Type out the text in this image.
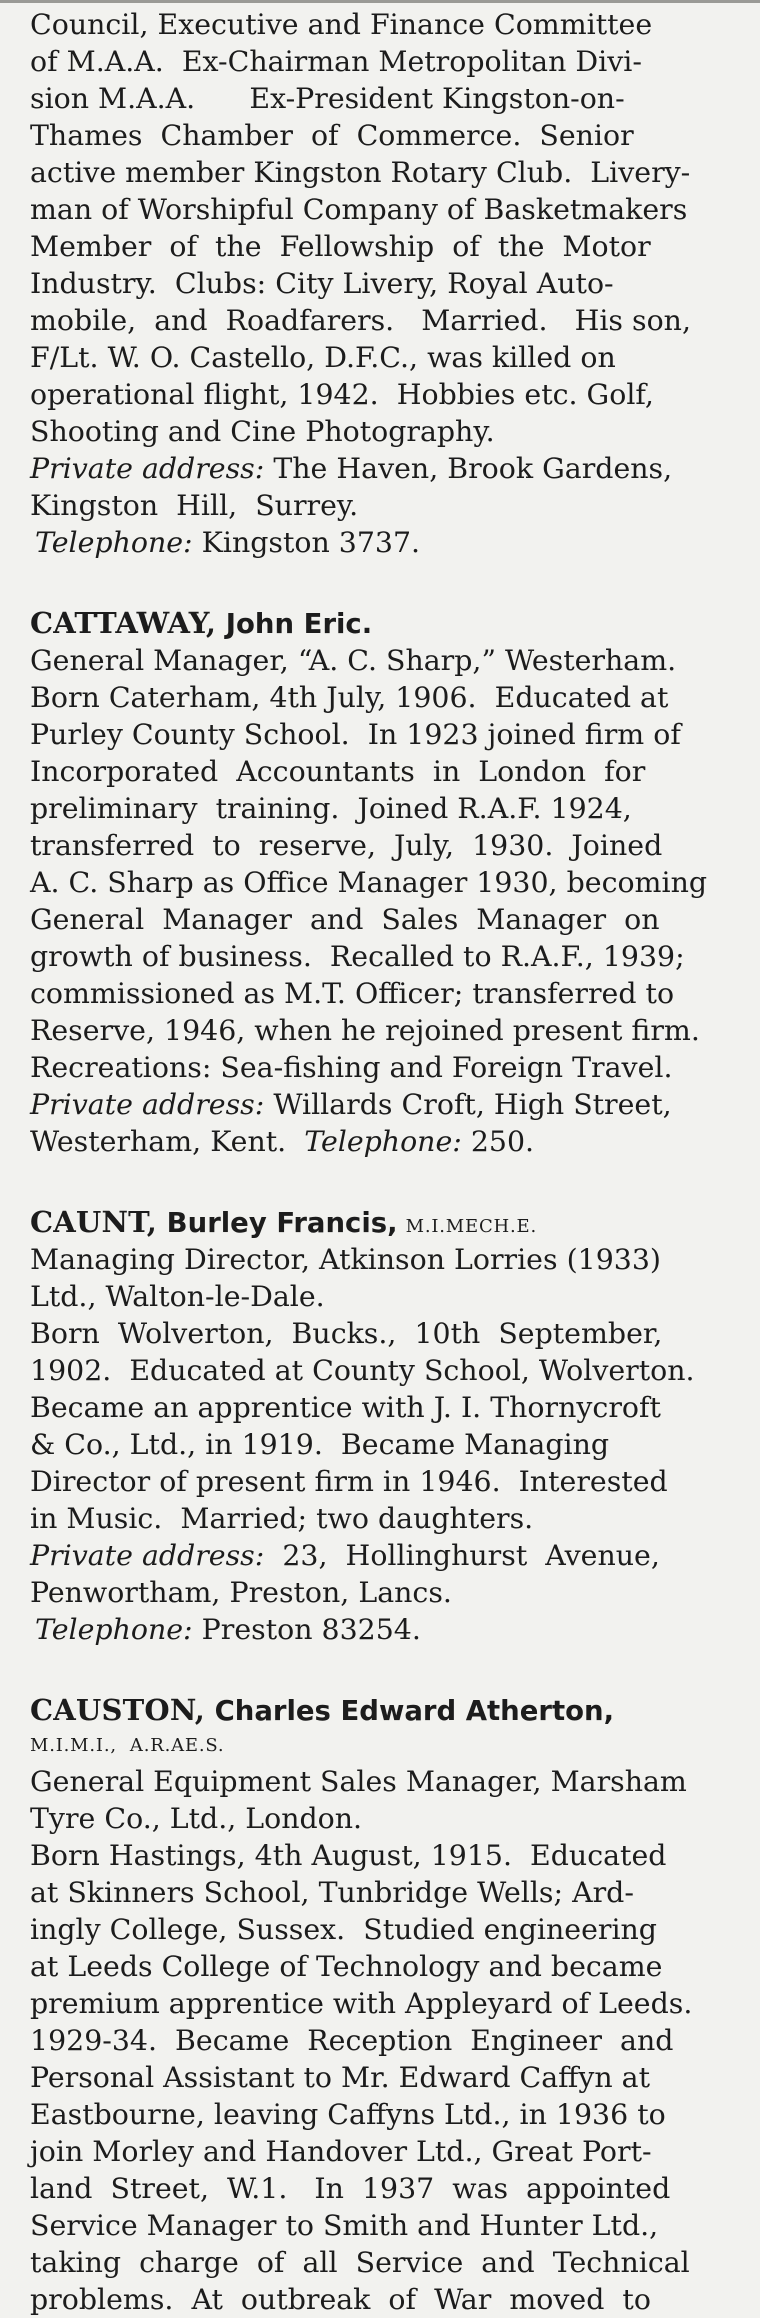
Council, Executive and Finance Committee
of M.A.A.  Ex-Chairman Metropolitan Divi-
sion M.A.A.      Ex-President Kingston-on-
Thames  Chamber  of  Commerce.  Senior
active member Kingston Rotary Club.  Livery-
man of Worshipful Company of Basketmakers
Member  of  the  Fellowship  of  the  Motor
Industry.  Clubs: City Livery, Royal Auto-
mobile,  and  Roadfarers.   Married.   His son,
F/Lt. W. O. Castello, D.F.C., was killed on
operational flight, 1942.  Hobbies etc. Golf,
Shooting and Cine Photography.
Private address: The Haven, Brook Gardens,
Kingston  Hill,  Surrey.
Telephone: Kingston 3737.
CATTAWAY, John Eric.
General Manager, “A. C. Sharp,” Westerham.
Born Caterham, 4th July, 1906.  Educated at
Purley County School.  In 1923 joined firm of
Incorporated  Accountants  in  London  for
preliminary  training.  Joined R.A.F. 1924,
transferred  to  reserve,  July,  1930.  Joined
A. C. Sharp as Office Manager 1930, becoming
General  Manager  and  Sales  Manager  on
growth of business.  Recalled to R.A.F., 1939;
commissioned as M.T. Officer; transferred to
Reserve, 1946, when he rejoined present firm.
Recreations: Sea-fishing and Foreign Travel.
Private address: Willards Croft, High Street,
Westerham, Kent.  Telephone: 250.
CAUNT, Burley Francis, M.I.MECH.E.
Managing Director, Atkinson Lorries (1933)
Ltd., Walton-le-Dale.
Born  Wolverton,  Bucks.,  10th  September,
1902.  Educated at County School, Wolverton.
Became an apprentice with J. I. Thornycroft
& Co., Ltd., in 1919.  Became Managing
Director of present firm in 1946.  Interested
in Music.  Married; two daughters.
Private address:  23,  Hollinghurst  Avenue,
Penwortham, Preston, Lancs.
Telephone: Preston 83254.
CAUSTON, Charles Edward Atherton,
M.I.M.I.,  A.R.AE.S.
General Equipment Sales Manager, Marsham
Tyre Co., Ltd., London.
Born Hastings, 4th August, 1915.  Educated
at Skinners School, Tunbridge Wells; Ard-
ingly College, Sussex.  Studied engineering
at Leeds College of Technology and became
premium apprentice with Appleyard of Leeds.
1929-34.  Became  Reception  Engineer  and
Personal Assistant to Mr. Edward Caffyn at
Eastbourne, leaving Caffyns Ltd., in 1936 to
join Morley and Handover Ltd., Great Port-
land  Street,  W.1.   In  1937  was  appointed
Service Manager to Smith and Hunter Ltd.,
taking  charge  of  all  Service  and  Technical
problems.  At  outbreak  of  War  moved  to
